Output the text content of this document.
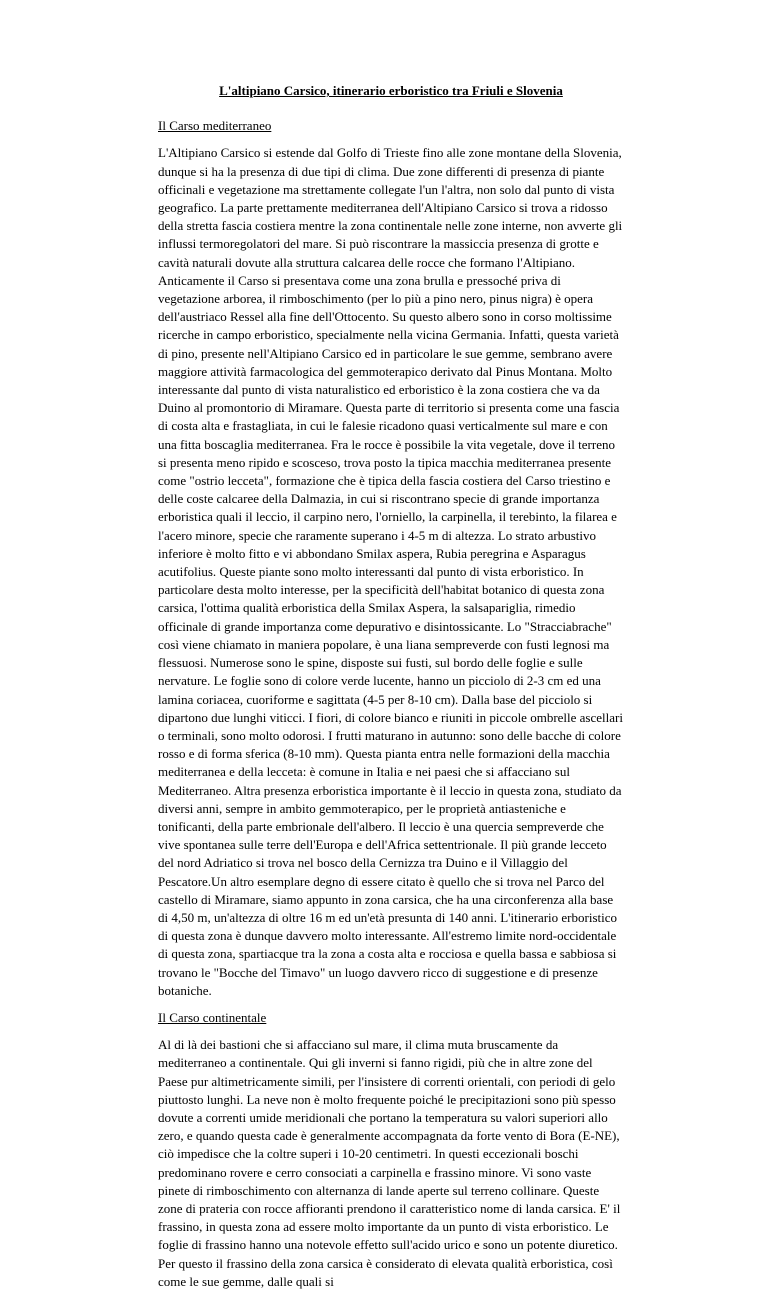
L'altipiano Carsico, itinerario erboristico tra Friuli e Slovenia
Il Carso mediterraneo
L'Altipiano Carsico si estende dal Golfo di Trieste fino alle zone montane della Slovenia, dunque si ha la presenza di due tipi di clima. Due zone differenti di presenza di piante officinali e vegetazione ma strettamente collegate l'un l'altra, non solo dal punto di vista geografico. La parte prettamente mediterranea dell'Altipiano Carsico si trova a ridosso della stretta fascia costiera mentre la zona continentale nelle zone interne, non avverte gli influssi termoregolatori del mare. Si può riscontrare la massiccia presenza di grotte e cavità naturali dovute alla struttura calcarea delle rocce che formano l'Altipiano. Anticamente il Carso si presentava come una zona brulla e pressoché priva di vegetazione arborea, il rimboschimento (per lo più a pino nero, pinus nigra) è opera dell'austriaco Ressel alla fine dell'Ottocento. Su questo albero sono in corso moltissime ricerche in campo erboristico, specialmente nella vicina Germania. Infatti, questa varietà di pino, presente nell'Altipiano Carsico ed in particolare le sue gemme, sembrano avere maggiore attività farmacologica del gemmoterapico derivato dal Pinus Montana. Molto interessante dal punto di vista naturalistico ed erboristico è la zona costiera che va da Duino al promontorio di Miramare. Questa parte di territorio si presenta come una fascia di costa alta e frastagliata, in cui le falesie ricadono quasi verticalmente sul mare e con una fitta boscaglia mediterranea. Fra le rocce è possibile la vita vegetale, dove il terreno si presenta meno ripido e scosceso, trova posto la tipica macchia mediterranea presente come "ostrio lecceta", formazione che è tipica della fascia costiera del Carso triestino e delle coste calcaree della Dalmazia, in cui si riscontrano specie di grande importanza erboristica quali il leccio, il carpino nero, l'orniello, la carpinella, il terebinto, la filarea e l'acero minore, specie che raramente superano i 4-5 m di altezza. Lo strato arbustivo inferiore è molto fitto e vi abbondano Smilax aspera, Rubia peregrina e Asparagus acutifolius. Queste piante sono molto interessanti dal punto di vista erboristico. In particolare desta molto interesse, per la specificità dell'habitat botanico di questa zona carsica, l'ottima qualità erboristica della Smilax Aspera, la salsapariglia, rimedio officinale di grande importanza come depurativo e disintossicante. Lo "Stracciabrache" così viene chiamato in maniera popolare, è una liana sempreverde con fusti legnosi ma flessuosi. Numerose sono le spine, disposte sui fusti, sul bordo delle foglie e sulle nervature. Le foglie sono di colore verde lucente, hanno un picciolo di 2-3 cm ed una lamina coriacea, cuoriforme e sagittata (4-5 per 8-10 cm). Dalla base del picciolo si dipartono due lunghi viticci. I fiori, di colore bianco e riuniti in piccole ombrelle ascellari o terminali, sono molto odorosi. I frutti maturano in autunno: sono delle bacche di colore rosso e di forma sferica (8-10 mm). Questa pianta entra nelle formazioni della macchia mediterranea e della lecceta: è comune in Italia e nei paesi che si affacciano sul Mediterraneo. Altra presenza erboristica importante è il leccio in questa zona, studiato da diversi anni, sempre in ambito gemmoterapico, per le proprietà antiasteniche e tonificanti, della parte embrionale dell'albero. Il leccio è una quercia sempreverde che vive spontanea sulle terre dell'Europa e dell'Africa settentrionale. Il più grande lecceto del nord Adriatico si trova nel bosco della Cernizza tra Duino e il Villaggio del Pescatore.Un altro esemplare degno di essere citato è quello che si trova nel Parco del castello di Miramare, siamo appunto in zona carsica, che ha una circonferenza alla base di 4,50 m, un'altezza di oltre 16 m ed un'età presunta di 140 anni. L'itinerario erboristico di questa zona è dunque davvero molto interessante. All'estremo limite nord-occidentale di questa zona, spartiacque tra la zona a costa alta e rocciosa e quella bassa e sabbiosa si trovano le "Bocche del Timavo" un luogo davvero ricco di suggestione e di presenze botaniche.
Il Carso continentale
Al di là dei bastioni che si affacciano sul mare, il clima muta bruscamente da mediterraneo a continentale. Qui gli inverni si fanno rigidi, più che in altre zone del Paese pur altimetricamente simili, per l'insistere di correnti orientali, con periodi di gelo piuttosto lunghi. La neve non è molto frequente poiché le precipitazioni sono più spesso dovute a correnti umide meridionali che portano la temperatura su valori superiori allo zero, e quando questa cade è generalmente accompagnata da forte vento di Bora (E-NE), ciò impedisce che la coltre superi i 10-20 centimetri. In questi eccezionali boschi predominano rovere e cerro consociati a carpinella e frassino minore. Vi sono vaste pinete di rimboschimento con alternanza di lande aperte sul terreno collinare. Queste zone di prateria con rocce affioranti prendono il caratteristico nome di landa carsica. E' il frassino, in questa zona ad essere molto importante da un punto di vista erboristico. Le foglie di frassino hanno una notevole effetto sull'acido urico e sono un potente diuretico. Per questo il frassino della zona carsica è considerato di elevata qualità erboristica, così come le sue gemme, dalle quali si
